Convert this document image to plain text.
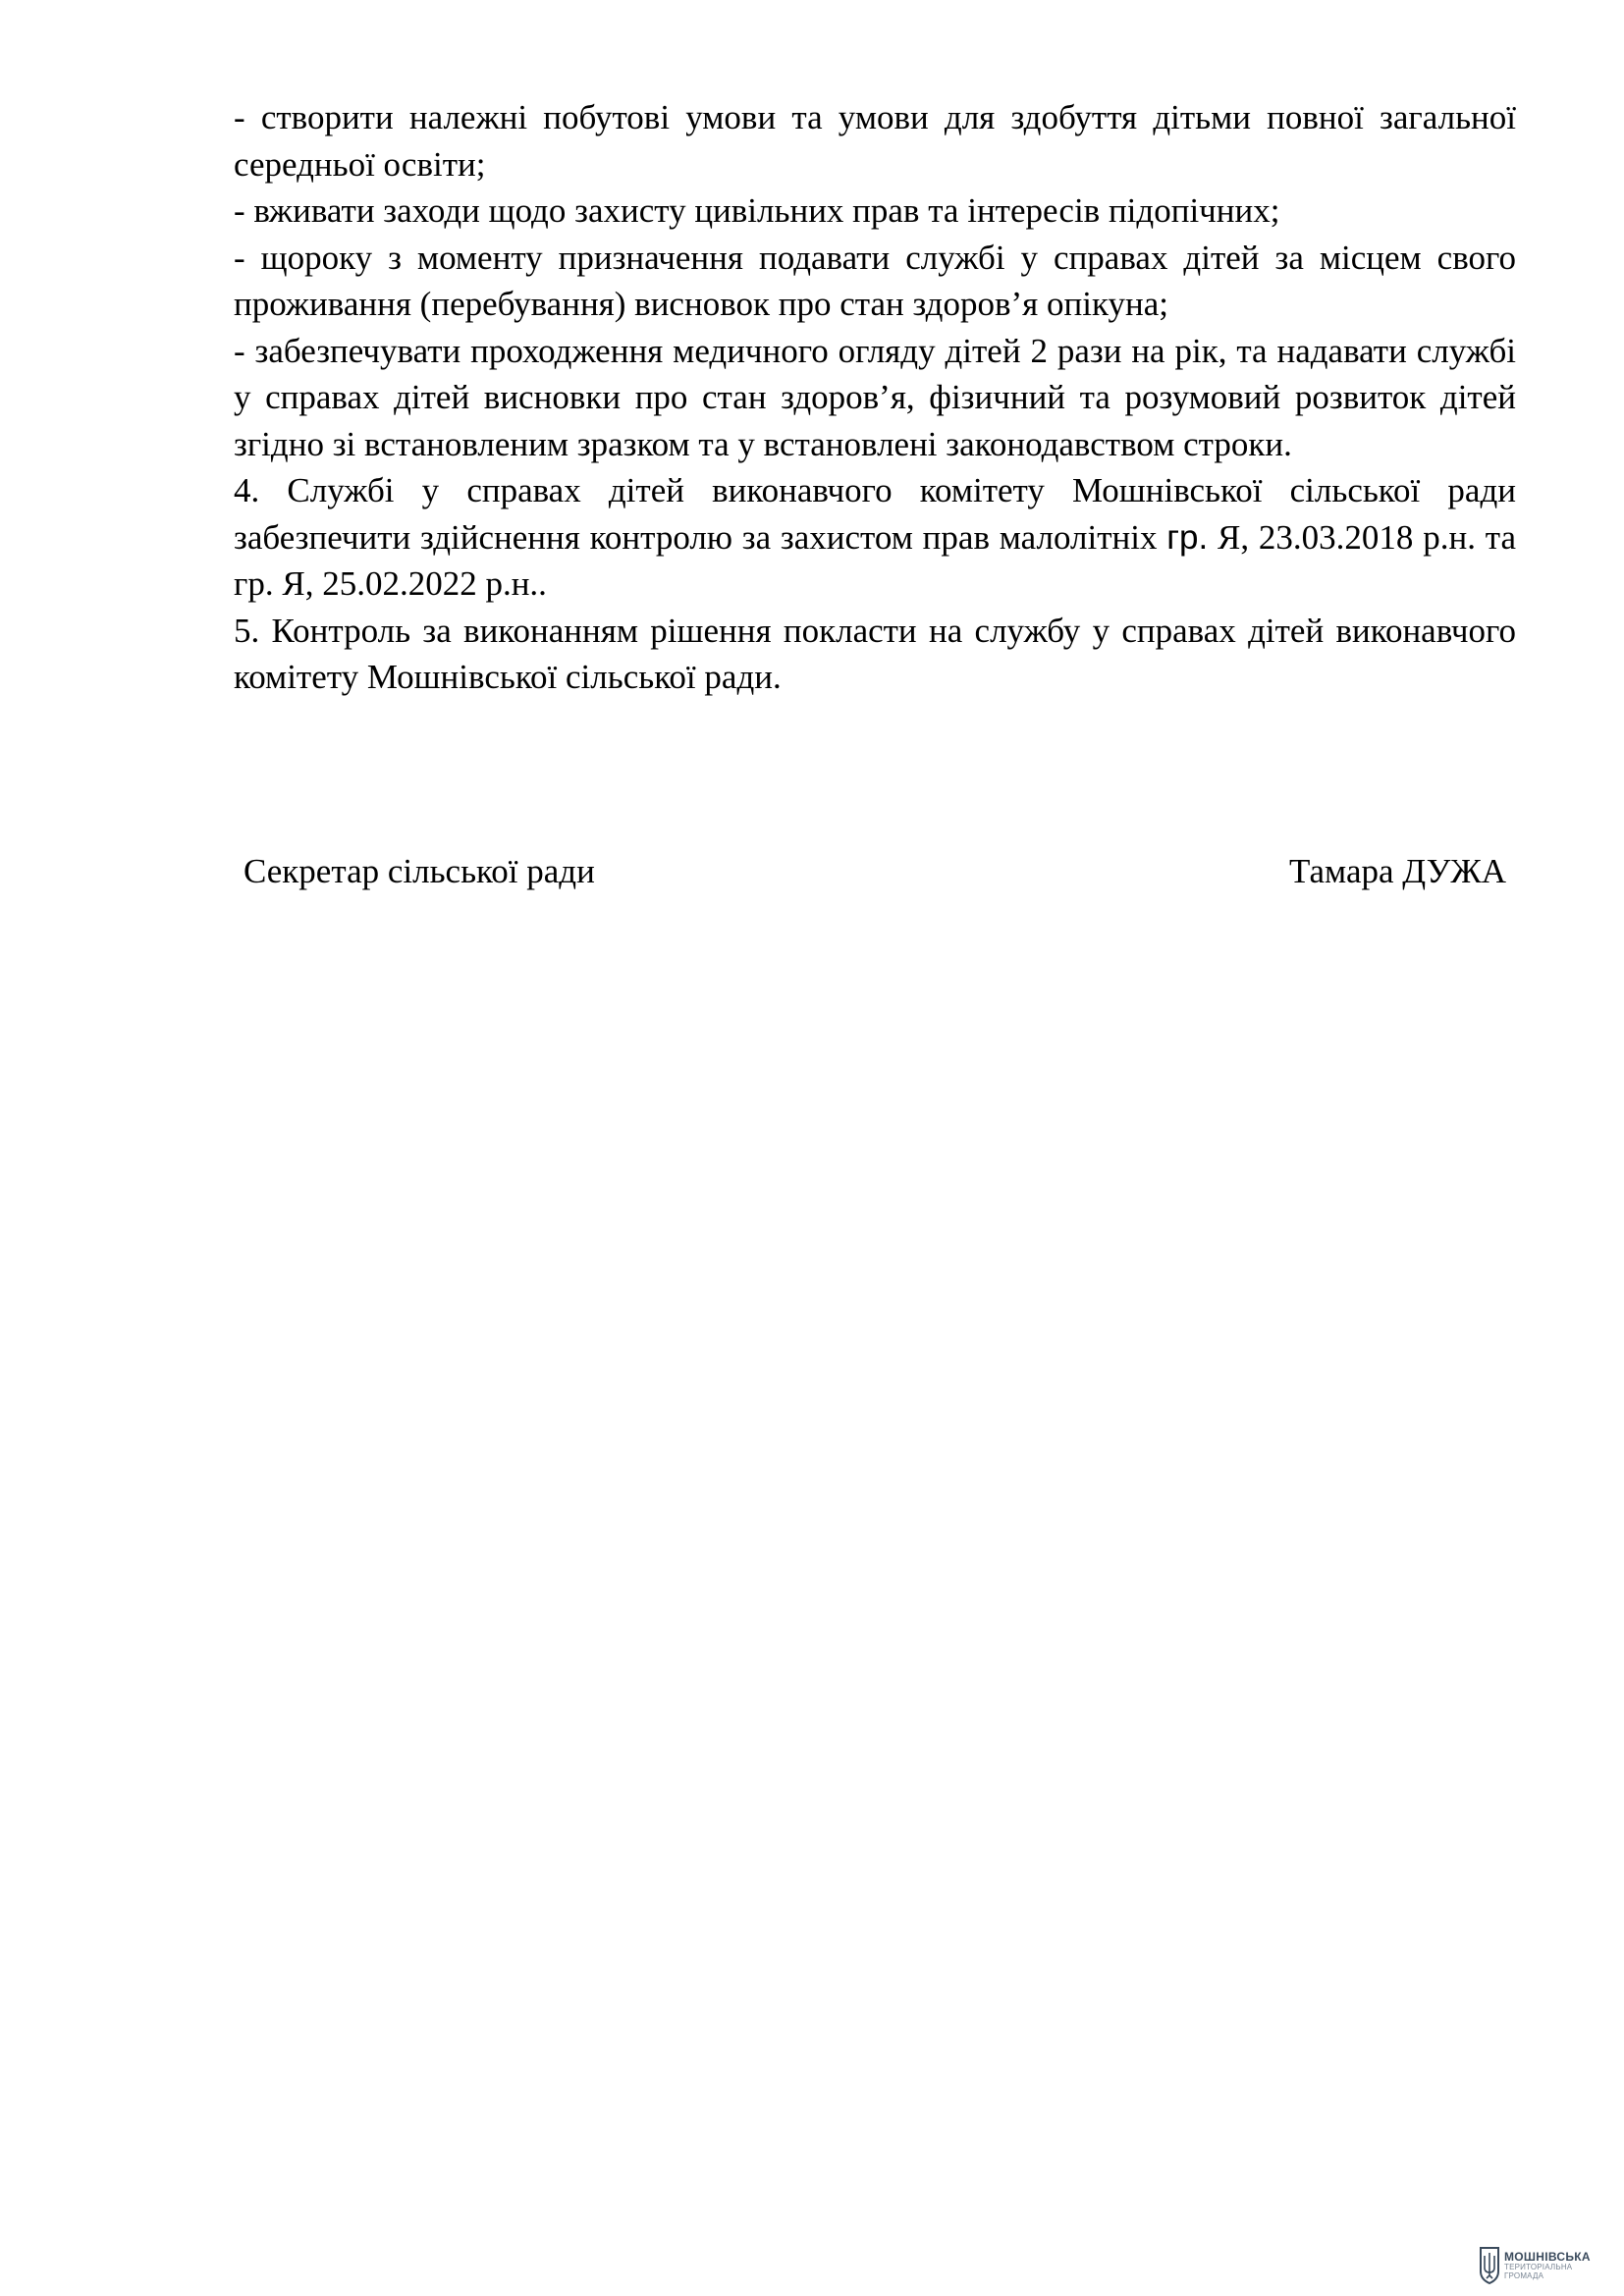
- створити належні побутові умови та умови для здобуття дітьми повної загальної середньої освіти;

- вживати заходи щодо захисту цивільних прав та інтересів підопічних;

- щороку з моменту призначення подавати службі у справах дітей за місцем свого проживання (перебування) висновок про стан здоров’я опікуна;

- забезпечувати проходження медичного огляду дітей 2 рази на рік, та надавати службі у справах дітей висновки про стан здоров’я, фізичний та розумовий розвиток дітей згідно зі встановленим зразком та у встановлені законодавством строки.

4. Службі у справах дітей виконавчого комітету Мошнівської сільської ради забезпечити здійснення контролю за захистом прав малолітніх гр. Я, 23.03.2018 р.н. та гр. Я, 25.02.2022 р.н..

5. Контроль за виконанням рішення покласти на службу у справах дітей виконавчого комітету Мошнівської сільської ради.

Секретар сільської ради	Тамара ДУЖА
МОШНІВСЬКА
ТЕРИТОРІАЛЬНА
ГРОМАДА
